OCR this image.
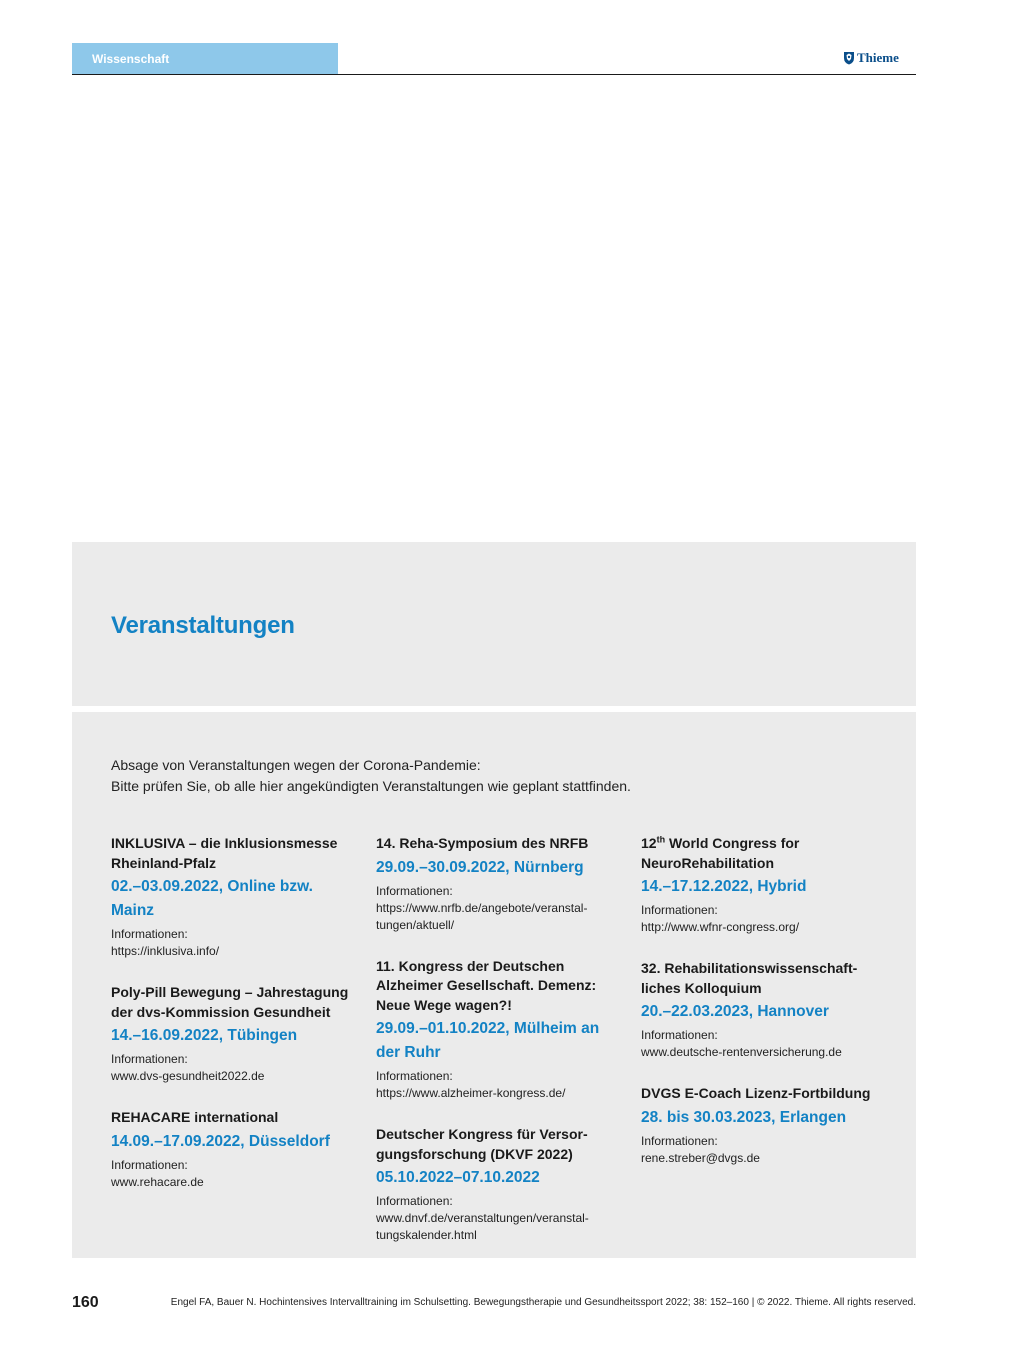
Wissenschaft	Thieme
Veranstaltungen
Absage von Veranstaltungen wegen der Corona-Pandemie:
Bitte prüfen Sie, ob alle hier angekündigten Veranstaltungen wie geplant stattfinden.
INKLUSIVA – die Inklusionsmesse
Rheinland-Pfalz
02.–03.09.2022, Online bzw.
Mainz
Informationen:
https://inklusiva.info/
Poly-Pill Bewegung – Jahrestagung
der dvs-Kommission Gesundheit
14.–16.09.2022, Tübingen
Informationen:
www.dvs-gesundheit2022.de
REHACARE international
14.09.–17.09.2022, Düsseldorf
Informationen:
www.rehacare.de
14. Reha-Symposium des NRFB
29.09.–30.09.2022, Nürnberg
Informationen:
https://www.nrfb.de/angebote/veranstal-
tungen/aktuell/
11. Kongress der Deutschen
Alzheimer Gesellschaft. Demenz:
Neue Wege wagen?!
29.09.–01.10.2022, Mülheim an
der Ruhr
Informationen:
https://www.alzheimer-kongress.de/
Deutscher Kongress für Versor-
gungsforschung (DKVF 2022)
05.10.2022–07.10.2022
Informationen:
www.dnvf.de/veranstaltungen/veranstal-
tungskalender.html
12th World Congress for
NeuroRehabilitation
14.–17.12.2022, Hybrid
Informationen:
http://www.wfnr-congress.org/
32. Rehabilitationswissenschaft-
liches Kolloquium
20.–22.03.2023, Hannover
Informationen:
www.deutsche-rentenversicherung.de
DVGS E-Coach Lizenz-Fortbildung
28. bis 30.03.2023, Erlangen
Informationen:
rene.streber@dvgs.de
160	Engel FA, Bauer N. Hochintensives Intervalltraining im Schulsetting. Bewegungstherapie und Gesundheitssport 2022; 38: 152–160 | © 2022. Thieme. All rights reserved.
